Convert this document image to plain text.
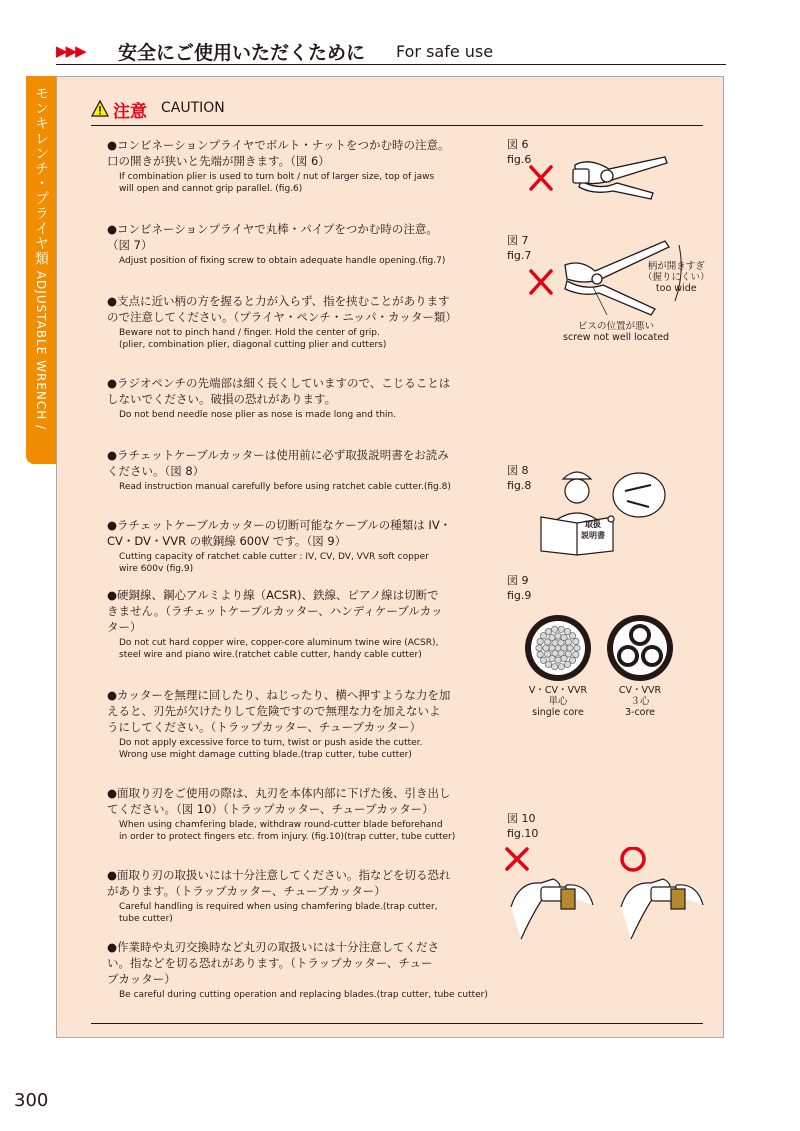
▶▶▶ 安全にご使用いただくために For safe use
モンキレンチ・プライヤ類 ADJUSTABLE WRENCH / PLIER	注意 CAUTION

●コンビネーションプライヤでボルト・ナットをつかむ時の注意。
口の開きが狭いと先端が開きます。（図 6）

If combination plier is used to turn bolt / nut of larger size, top of jaws
will open and cannot grip parallel. (fig.6)

●コンビネーションプライヤで丸棒・パイプをつかむ時の注意。
（図 7）

Adjust position of fixing screw to obtain adequate handle opening.(fig.7)

●支点に近い柄の方を握ると力が入らず、指を挟むことがあります
ので注意してください。（プライヤ・ペンチ・ニッパ・カッター類）

Beware not to pinch hand / finger. Hold the center of grip.
(plier, combination plier, diagonal cutting plier and cutters)

●ラジオペンチの先端部は細く長くしていますので、こじることは
しないでください。破損の恐れがあります。

Do not bend needle nose plier as nose is made long and thin.

●ラチェットケーブルカッターは使用前に必ず取扱説明書をお読み
ください。（図 8）

Read instruction manual carefully before using ratchet cable cutter.(fig.8)

●ラチェットケーブルカッターの切断可能なケーブルの種類は IV・
CV・DV・VVR の軟銅線 600V です。（図 9）

Cutting capacity of ratchet cable cutter : IV, CV, DV, VVR soft copper
wire 600v (fig.9)

●硬銅線、鋼心アルミより線（ACSR)、鉄線、ピアノ線は切断で
きません。（ラチェットケーブルカッター、ハンディケーブルカッ
ター）

Do not cut hard copper wire, copper-core aluminum twine wire (ACSR),
steel wire and piano wire.(ratchet cable cutter, handy cable cutter)

●カッターを無理に回したり、ねじったり、横へ押すような力を加
えると、刃先が欠けたりして危険ですので無理な力を加えないよ
うにしてください。（トラップカッター、チューブカッター）

Do not apply excessive force to turn, twist or push aside the cutter.
Wrong use might damage cutting blade.(trap cutter, tube cutter)

●面取り刃をご使用の際は、丸刃を本体内部に下げた後、引き出し
てください。（図 10）（トラップカッター、チューブカッター）

When using chamfering blade, withdraw round-cutter blade beforehand
in order to protect fingers etc. from injury. (fig.10)(trap cutter, tube cutter)

●面取り刃の取扱いには十分注意してください。指などを切る恐れ
があります。（トラップカッター、チューブカッター）

Careful handling is required when using chamfering blade.(trap cutter,
tube cutter)

●作業時や丸刃交換時など丸刃の取扱いには十分注意してくださ
い。指などを切る恐れがあります。（トラップカッター、チュー
ブカッター）

Be careful during cutting operation and replacing blades.(trap cutter, tube cutter)

図 6
fig.6
図 7
fig.7
柄が開きすぎ
（握りにくい）
too wide
ビスの位置が悪い
screw not well located
図 8
fig.8
取扱
説明書
図 9
fig.9
V・CV・VVR
単心
single core
CV・VVR
３心
3-core
図 10
fig.10
300
